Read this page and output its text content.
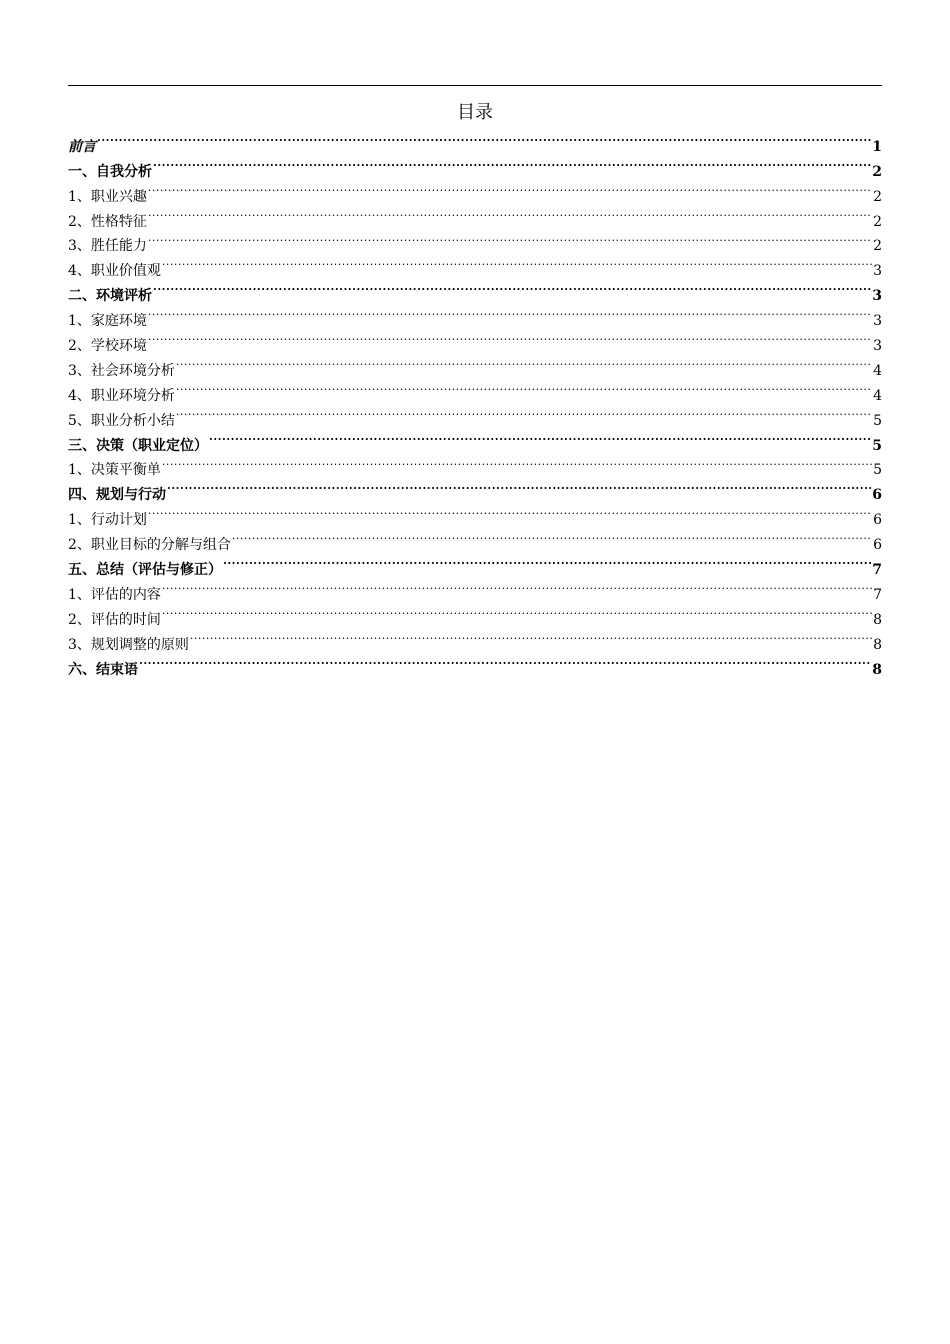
目录
前言 .....	1
一、自我分析 .....	2
1、职业兴趣 .....	2
2、性格特征 .....	2
3、胜任能力 .....	2
4、职业价值观 .....	3
二、环境评析 .....	3
1、家庭环境 .....	3
2、学校环境 .....	3
3、社会环境分析 .....	4
4、职业环境分析 .....	4
5、职业分析小结 .....	5
三、决策（职业定位） .....	5
1、决策平衡单 .....	5
四、规划与行动 .....	6
1、行动计划 .....	6
2、职业目标的分解与组合 .....	6
五、总结（评估与修正） .....	7
1、评估的内容 .....	7
2、评估的时间 .....	8
3、规划调整的原则 .....	8
六、结束语 .....	8
